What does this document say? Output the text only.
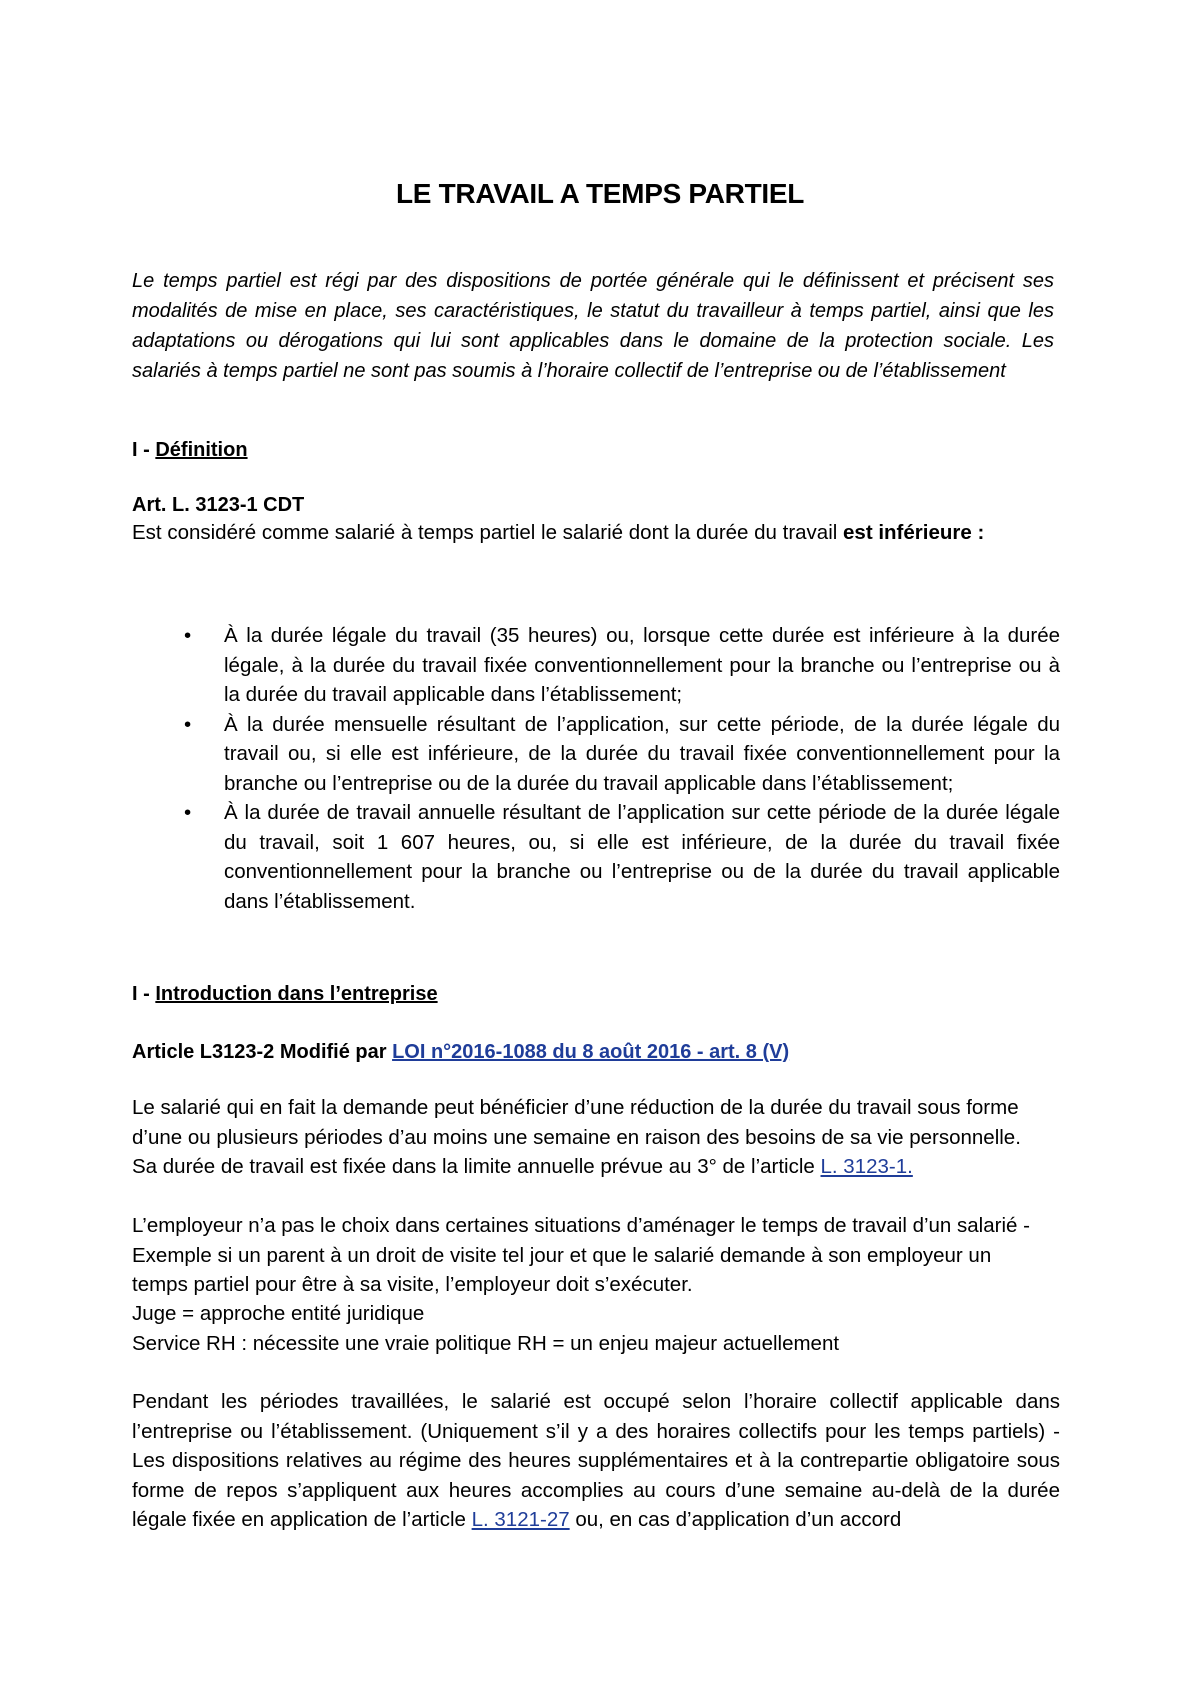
LE TRAVAIL A TEMPS PARTIEL
Le temps partiel est régi par des dispositions de portée générale qui le définissent et précisent ses modalités de mise en place, ses caractéristiques, le statut du travailleur à temps partiel, ainsi que les adaptations ou dérogations qui lui sont applicables dans le domaine de la protection sociale. Les salariés à temps partiel ne sont pas soumis à l’horaire collectif de l’entreprise ou de l’établissement
I - Définition
Art. L. 3123-1 CDT
Est considéré comme salarié à temps partiel le salarié dont la durée du travail est inférieure :
• À la durée légale du travail (35 heures) ou, lorsque cette durée est inférieure à la durée légale, à la durée du travail fixée conventionnellement pour la branche ou l’entreprise ou à la durée du travail applicable dans l’établissement;
• À la durée mensuelle résultant de l’application, sur cette période, de la durée légale du travail ou, si elle est inférieure, de la durée du travail fixée conventionnellement pour la branche ou l’entreprise ou de la durée du travail applicable dans l’établissement;
• À la durée de travail annuelle résultant de l’application sur cette période de la durée légale du travail, soit 1 607 heures, ou, si elle est inférieure, de la durée du travail fixée conventionnellement pour la branche ou l’entreprise ou de la durée du travail applicable dans l’établissement.
I - Introduction dans l’entreprise
Article L3123-2 Modifié par LOI n°2016-1088 du 8 août 2016 - art. 8 (V)
Le salarié qui en fait la demande peut bénéficier d’une réduction de la durée du travail sous forme d’une ou plusieurs périodes d’au moins une semaine en raison des besoins de sa vie personnelle. Sa durée de travail est fixée dans la limite annuelle prévue au 3° de l’article L. 3123-1.
L’employeur n’a pas le choix dans certaines situations d’aménager le temps de travail d’un salarié - Exemple si un parent à un droit de visite tel jour et que le salarié demande à son employeur un temps partiel pour être à sa visite, l’employeur doit s’exécuter.
Juge = approche entité juridique
Service RH : nécessite une vraie politique RH = un enjeu majeur actuellement
Pendant les périodes travaillées, le salarié est occupé selon l’horaire collectif applicable dans l’entreprise ou l’établissement. (Uniquement s’il y a des horaires collectifs pour les temps partiels) - Les dispositions relatives au régime des heures supplémentaires et à la contrepartie obligatoire sous forme de repos s’appliquent aux heures accomplies au cours d’une semaine au-delà de la durée légale fixée en application de l’article L. 3121-27 ou, en cas d’application d’un accord
